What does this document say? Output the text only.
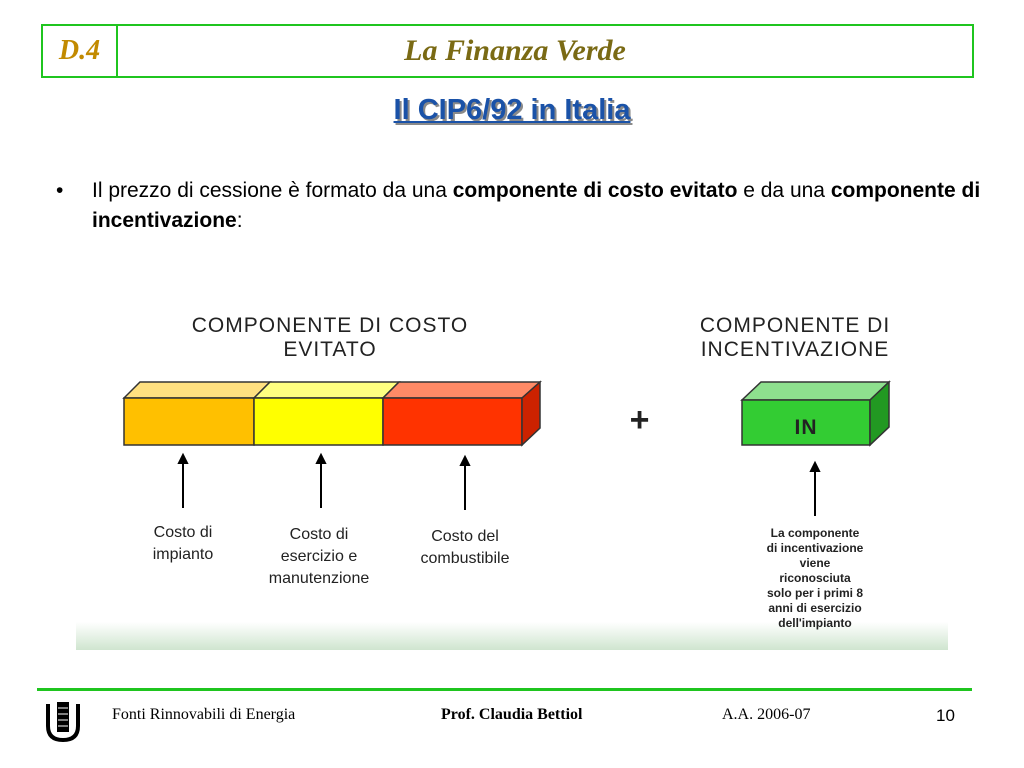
D.4	La Finanza Verde
Il CIP6/92 in Italia
•	Il prezzo di cessione è formato da una componente di costo evitato e da una componente di incentivazione:
COMPONENTE DI COSTO
EVITATO
COMPONENTE DI
INCENTIVAZIONE
+	IN
Costo di
impianto
Costo di
esercizio e
manutenzione
Costo del
combustibile
La componente
di incentivazione
viene
riconosciuta
solo per i primi 8
anni di esercizio
dell'impianto
Fonti Rinnovabili di Energia	Prof. Claudia Bettiol	A.A. 2006-07	10
